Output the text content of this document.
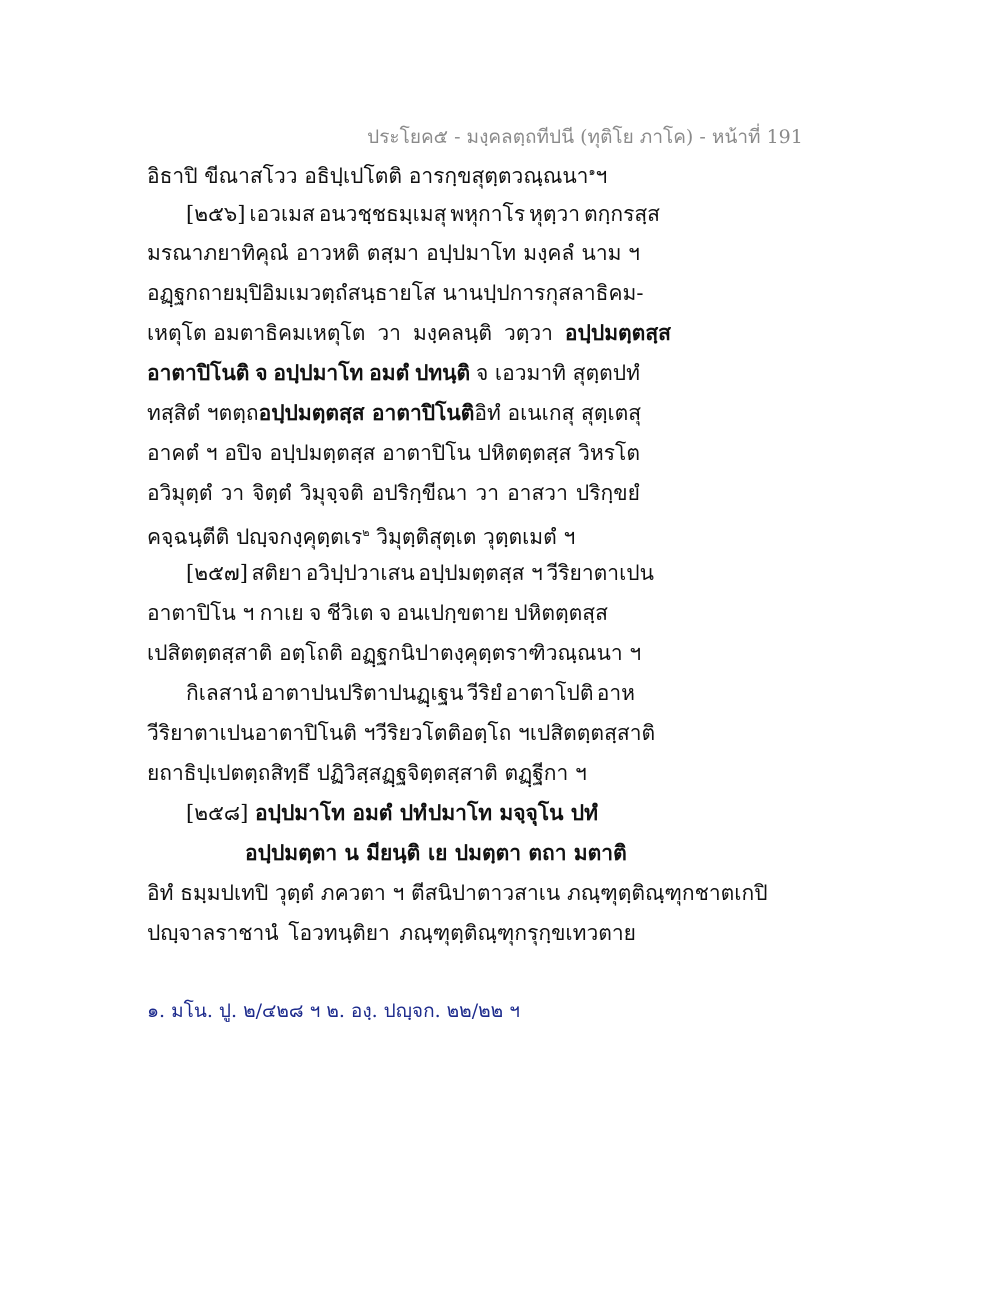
ประโยค๕ - มงฺคลตฺถทีปนี (ทุติโย ภาโค) - หน้าที่ 191
อิธาปิ ขีณาสโวว อธิปฺเปโตติ อารกฺขสุตฺตวณฺณนา$^๑$ฯ
[๒๕๖] เอวเมส อนวชฺชธมฺเมสุ พหุกาโร หุตฺวา ตกฺกรสฺส
มรณาภยาทิคุณํ อาวหติ ตสฺมา อปฺปมาโท มงฺคลํ นาม ฯ
อฏฺฐกถายมฺปิ อิมเมวตฺถํ สนฺธาย โส นานปฺปการกุสลาธิคม-
เหตุโต อมตาธิคมเหตุโต วา มงฺคลนฺติ วตฺวา อปฺปมตฺตสฺส
อาตาปิโนติ จ อปฺปมาโท อมตํ ปทนฺติ จ เอวมาทิ สุตฺตปทํ
ทสฺสิตํ ฯ ตตฺถ อปฺปมตฺตสฺส อาตาปิโนติ อิทํ อเนเกสุ สุตฺเตสุ
อาคตํ ฯ อปิจ อปฺปมตฺตสฺส อาตาปิโน ปหิตตฺตสฺส วิหรโต
อวิมุตฺตํ วา จิตฺตํ วิมุจฺจติ อปริกฺขีณา วา อาสวา ปริกฺขยํ
คจฺฉนฺตีติ ปญฺจกงฺคุตฺตเร$^๒$ วิมุตฺติสุตฺเต วุตฺตเมตํ ฯ
[๒๕๗] สติยา อวิปฺปวาเสน อปฺปมตฺตสฺส ฯ วีริยาตาเปน
อาตาปิโน ฯ กาเย จ ชีวิเต จ อนเปกฺขตาย ปหิตตฺตสฺส
เปสิตตฺตสฺสาติ อตฺโถติ อฏฺฐกนิปาตงฺคุตฺตราฑิวณฺณนา ฯ
กิเลสานํ อาตาปนปริตาปนฏฺเฐน วีริยํ อาตาโปติ อาห
วีริยาตาเปน อาตาปิโนติ ฯ วีริยวโตติ อตฺโถ ฯ เปสิตตฺตสฺสาติ
ยถาธิปฺเปตตฺถสิทฺธึ ปฏิวิสฺสฏฺฐจิตฺตสฺสาติ ตฏฺฐีกา ฯ
[๒๕๘] อปฺปมาโท อมตํ ปทํ ปมาโท มจฺจุโน ปทํ
อปฺปมตฺตา น มียนฺติ เย ปมตฺตา ตถา มตาติ
อิทํ ธมฺมปเทปิ วุตฺตํ ภควตา ฯ ตีสนิปาตาวสาเน ภณฺฑุตฺติณฺฑุกชาตเกปิ
ปญฺจาลราชานํ โอวทนฺติยา ภณฺฑุตฺติณฺฑุกรุกฺขเทวตาย
๑. มโน. ปู. ๒/๔๒๘ ฯ ๒. องฺ. ปญฺจก. ๒๒/๒๒ ฯ
